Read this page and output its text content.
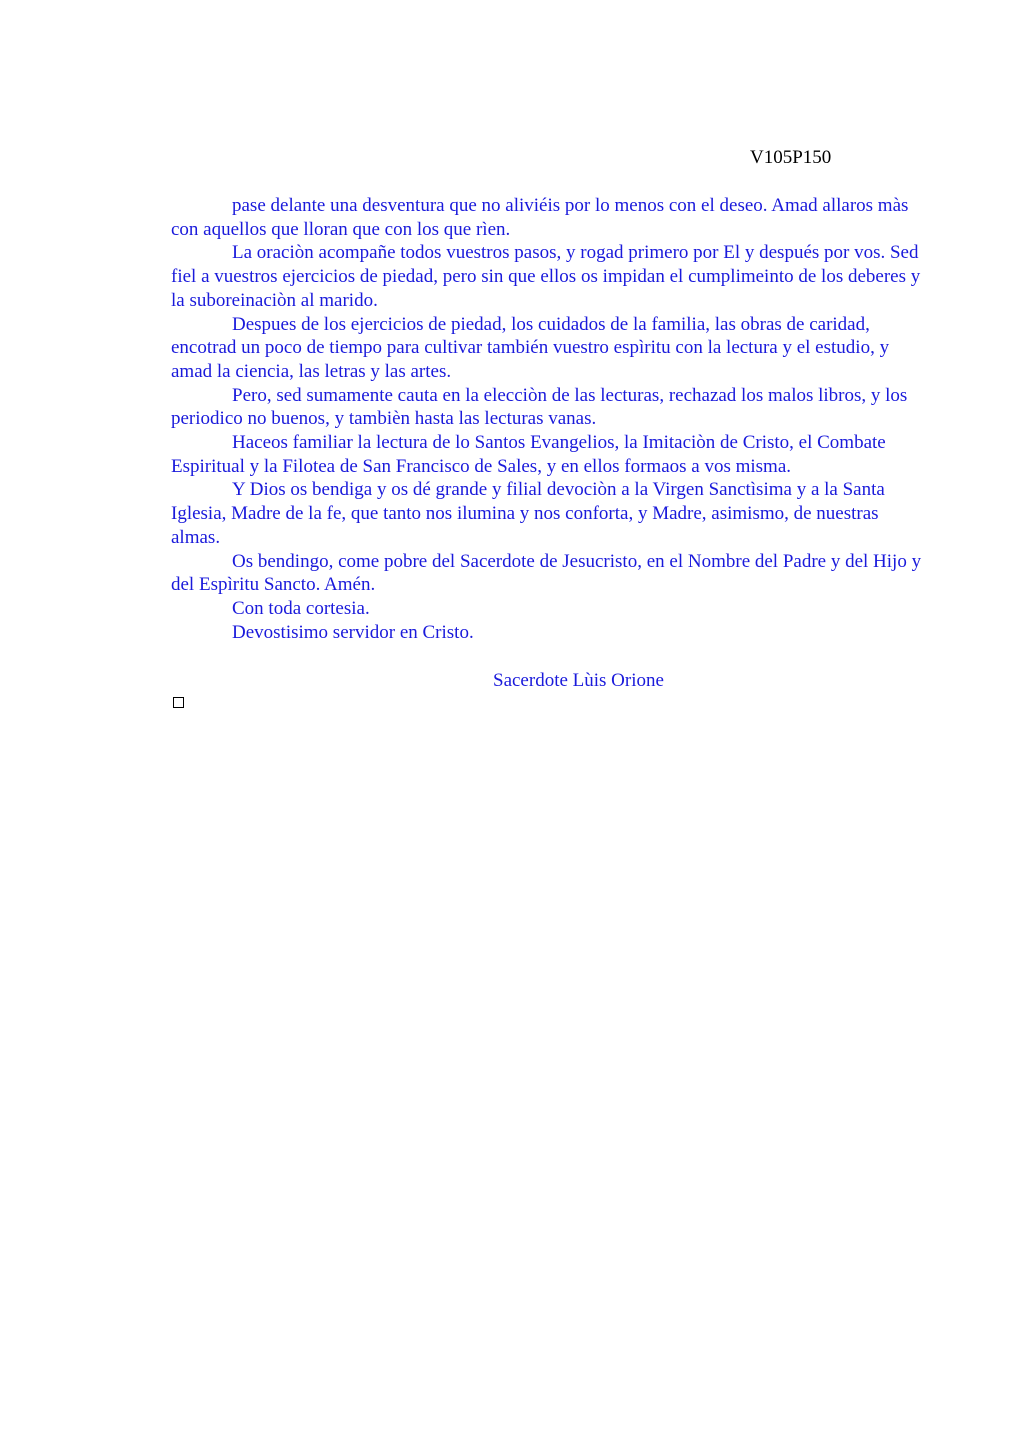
V105P150

pase delante una desventura que no aliviéis por lo menos con el deseo. Amad allaros màs con aquellos que lloran que con los que rìen.

La oraciòn acompañe todos vuestros pasos, y rogad primero por El y después por vos. Sed fiel a vuestros ejercicios de piedad, pero sin que ellos os impidan el cumplimeinto de los deberes y la suboreinaciòn al marido.

Despues de los ejercicios de piedad, los cuidados de la familia, las obras de caridad, encotrad un poco de tiempo para cultivar también vuestro espìritu con la lectura y el estudio, y amad la ciencia, las letras y las artes.

Pero, sed sumamente cauta en la elecciòn de las lecturas, rechazad los malos libros, y los periodico no buenos, y tambièn hasta las lecturas vanas.

Haceos familiar la lectura de lo Santos Evangelios, la Imitaciòn de Cristo, el Combate Espiritual y la Filotea de San Francisco de Sales, y en ellos formaos a vos misma.

Y Dios os bendiga y os dé grande y filial devociòn a la Virgen Sanctìsima y a la Santa Iglesia, Madre de la fe, que tanto nos ilumina y nos conforta, y Madre, asimismo, de nuestras almas.

Os bendingo, come pobre del Sacerdote de Jesucristo, en el Nombre del Padre y del Hijo y del Espìritu Sancto. Amén.

Con toda cortesia.

Devostisimo servidor en Cristo.

Sacerdote Lùis Orione
